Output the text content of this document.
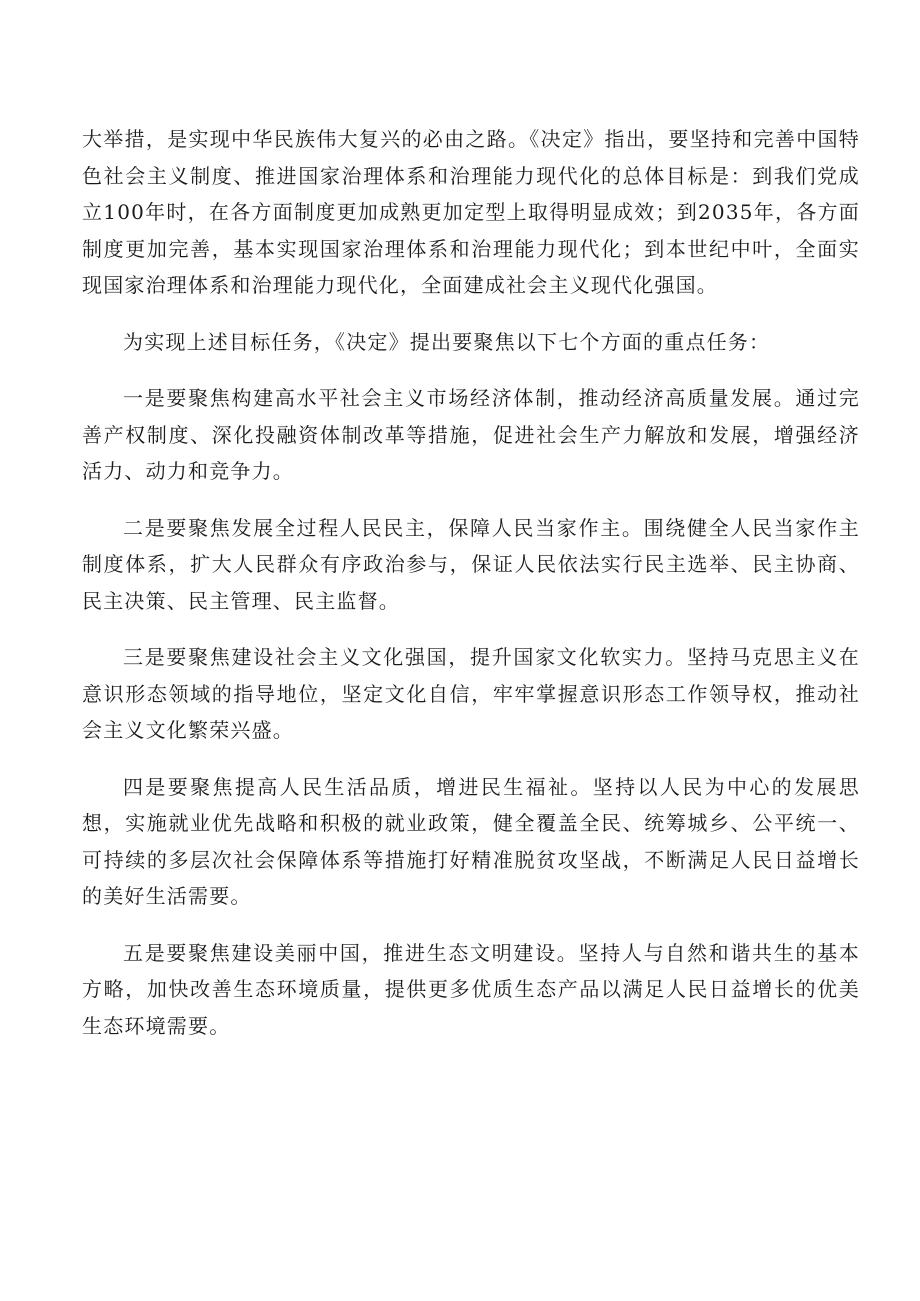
大举措，是实现中华民族伟大复兴的必由之路。《决定》指出，要坚持和完善中国特色社会主义制度、推进国家治理体系和治理能力现代化的总体目标是：到我们党成立100年时，在各方面制度更加成熟更加定型上取得明显成效；到2035年，各方面制度更加完善，基本实现国家治理体系和治理能力现代化；到本世纪中叶，全面实现国家治理体系和治理能力现代化，全面建成社会主义现代化强国。

为实现上述目标任务，《决定》提出要聚焦以下七个方面的重点任务：

一是要聚焦构建高水平社会主义市场经济体制，推动经济高质量发展。通过完善产权制度、深化投融资体制改革等措施，促进社会生产力解放和发展，增强经济活力、动力和竞争力。

二是要聚焦发展全过程人民民主，保障人民当家作主。围绕健全人民当家作主制度体系，扩大人民群众有序政治参与，保证人民依法实行民主选举、民主协商、民主决策、民主管理、民主监督。

三是要聚焦建设社会主义文化强国，提升国家文化软实力。坚持马克思主义在意识形态领域的指导地位，坚定文化自信，牢牢掌握意识形态工作领导权，推动社会主义文化繁荣兴盛。

四是要聚焦提高人民生活品质，增进民生福祉。坚持以人民为中心的发展思想，实施就业优先战略和积极的就业政策，健全覆盖全民、统筹城乡、公平统一、可持续的多层次社会保障体系等措施打好精准脱贫攻坚战，不断满足人民日益增长的美好生活需要。

五是要聚焦建设美丽中国，推进生态文明建设。坚持人与自然和谐共生的基本方略，加快改善生态环境质量，提供更多优质生态产品以满足人民日益增长的优美生态环境需要。
